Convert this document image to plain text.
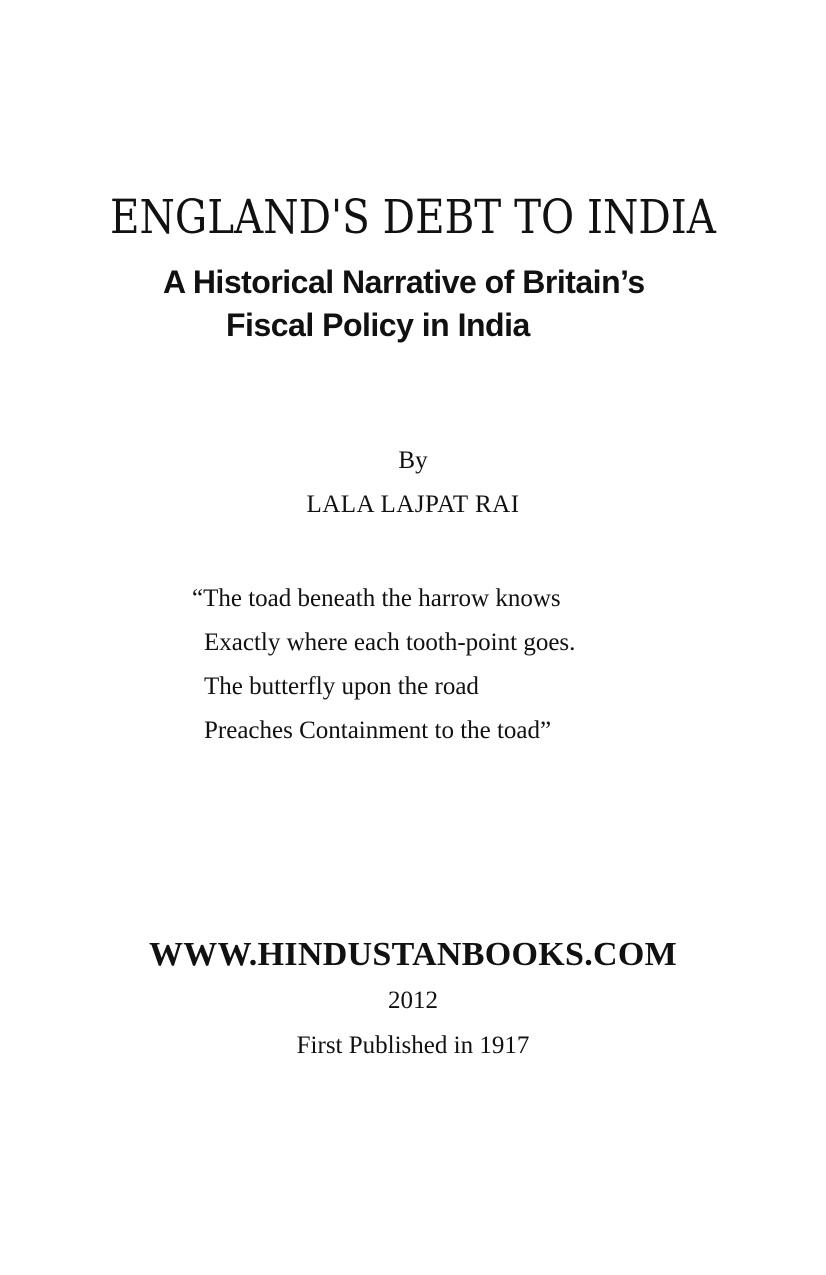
ENGLAND'S DEBT TO INDIA
A Historical Narrative of Britain’s
Fiscal Policy in India
By
LALA LAJPAT RAI
“The toad beneath the harrow knows
Exactly where each tooth-point goes.
The butterfly upon the road
Preaches Containment to the toad”
WWW.HINDUSTANBOOKS.COM
2012
First Published in 1917
